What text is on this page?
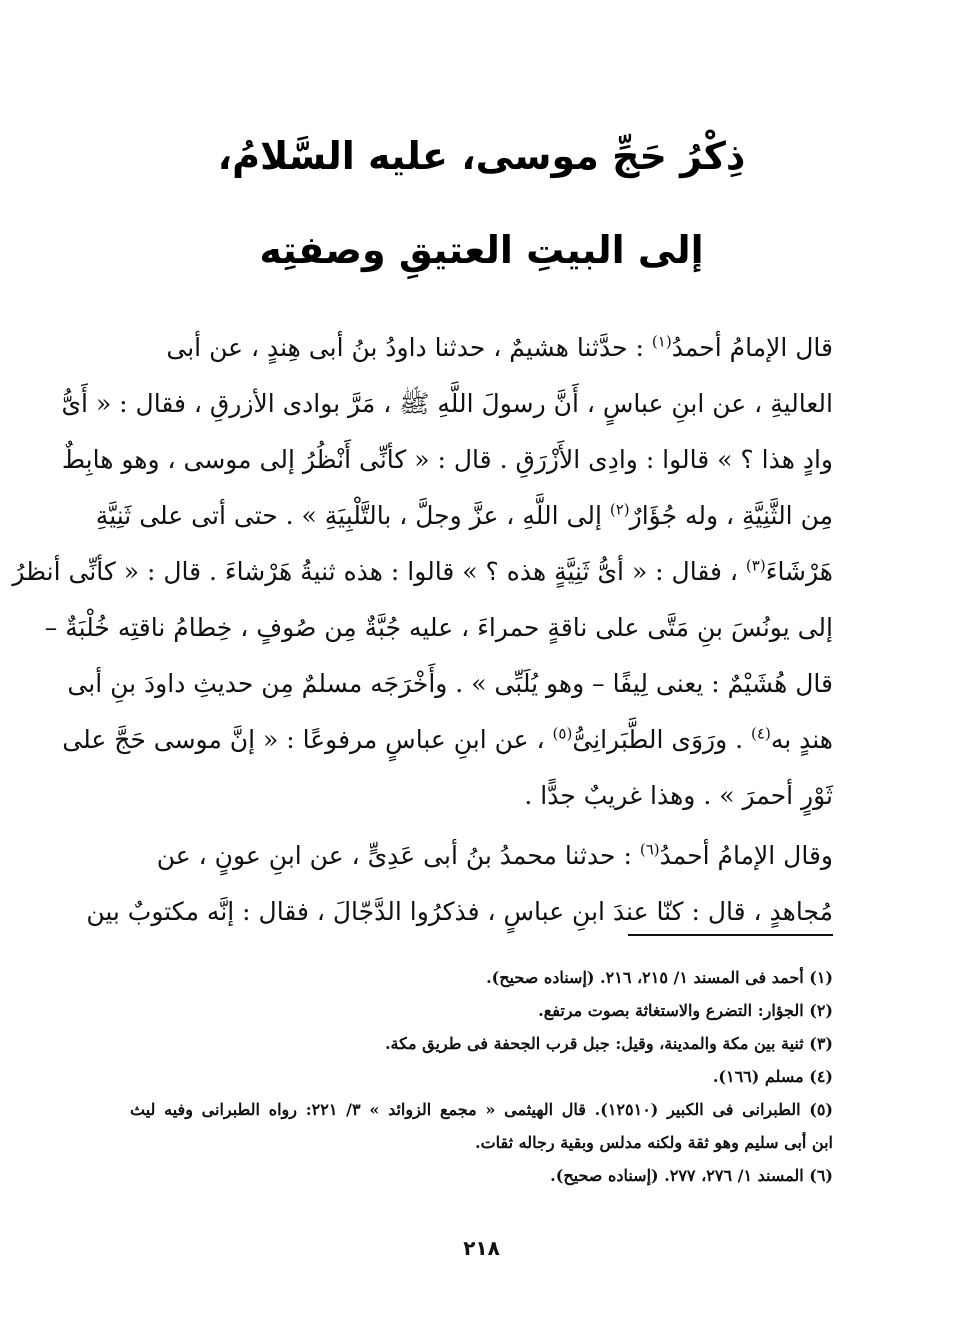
ذِكْرُ حَجِّ موسى، عليه السَّلامُ،
إلى البيتِ العتيقِ وصفتِه
قال الإمامُ أحمدُ$^{(١)}$ : حدَّثنا هشيمٌ ، حدثنا داودُ بنُ أبى هِندٍ ، عن أبى
العاليةِ ، عن ابنِ عباسٍ ، أَنَّ رسولَ اللَّهِ ﷺ ، مَرَّ بوادى الأزرقِ ، فقال : « أَىُّ
وادٍ هذا ؟ » قالوا : وادِى الأَزْرَقِ . قال : « كأنِّى أَنْظُرُ إلى موسى ، وهو هابِطٌ
مِن الثَّنِيَّةِ ، وله جُؤَارٌ$^{(٢)}$ إلى اللَّهِ ، عزَّ وجلَّ ، بالتَّلْبِيَةِ » . حتى أتى على ثَنِيَّةِ
هَرْشَاءَ$^{(٣)}$ ، فقال : « أىُّ ثَنِيَّةٍ هذه ؟ » قالوا : هذه ثنيةُ هَرْشاءَ . قال : « كأنِّى أنظرُ
إلى يونُسَ بنِ مَتَّى على ناقةٍ حمراءَ ، عليه جُبَّةٌ مِن صُوفٍ ، خِطامُ ناقتِه خُلْبَةٌ –
قال هُشَيْمٌ : يعنى لِيفًا – وهو يُلَبِّى » . وأَخْرَجَه مسلمٌ مِن حديثِ داودَ بنِ أبى
هندٍ به$^{(٤)}$ . ورَوَى الطَّبَرانِىُّ$^{(٥)}$ ، عن ابنِ عباسٍ مرفوعًا : « إنَّ موسى حَجَّ على
ثَوْرٍ أحمرَ » . وهذا غريبٌ جدًّا .
وقال الإمامُ أحمدُ$^{(٦)}$ : حدثنا محمدُ بنُ أبى عَدِىٍّ ، عن ابنِ عونٍ ، عن
مُجاهدٍ ، قال : كنّا عندَ ابنِ عباسٍ ، فذكرُوا الدَّجّالَ ، فقال : إنَّه مكتوبٌ بين
(١) أحمد فى المسند ١/ ٢١٥، ٢١٦. (إسناده صحيح).
(٢) الجؤار: التضرع والاستغاثة بصوت مرتفع.
(٣) ثنية بين مكة والمدينة، وقيل: جبل قرب الجحفة فى طريق مكة.
(٤) مسلم (١٦٦).
(٥) الطبرانى فى الكبير (١٢٥١٠). قال الهيثمى « مجمع الزوائد » ٣/ ٢٢١: رواه الطبرانى وفيه ليث
ابن أبى سليم وهو ثقة ولكنه مدلس وبقية رجاله ثقات.
(٦) المسند ١/ ٢٧٦، ٢٧٧. (إسناده صحيح).
٢١٨
